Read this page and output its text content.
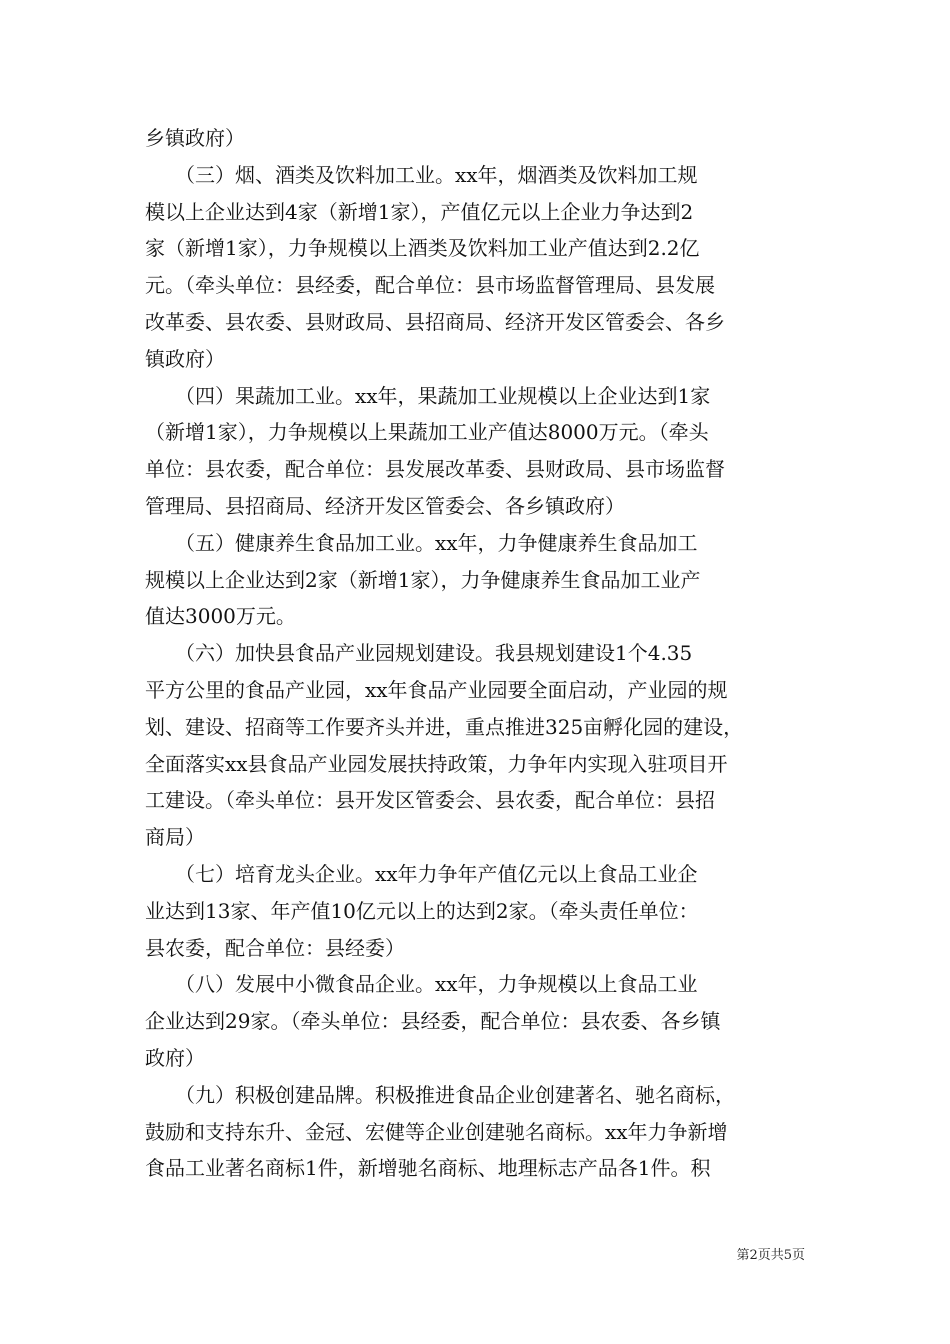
乡镇政府）
　　（三）烟、酒类及饮料加工业。xx年，烟酒类及饮料加工规
模以上企业达到4家（新增1家），产值亿元以上企业力争达到2
家（新增1家），力争规模以上酒类及饮料加工业产值达到2.2亿
元。（牵头单位：县经委，配合单位：县市场监督管理局、县发展
改革委、县农委、县财政局、县招商局、经济开发区管委会、各乡
镇政府）
　　（四）果蔬加工业。xx年，果蔬加工业规模以上企业达到1家
（新增1家），力争规模以上果蔬加工业产值达8000万元。（牵头
单位：县农委，配合单位：县发展改革委、县财政局、县市场监督
管理局、县招商局、经济开发区管委会、各乡镇政府）
　　（五）健康养生食品加工业。xx年，力争健康养生食品加工
规模以上企业达到2家（新增1家），力争健康养生食品加工业产
值达3000万元。
　　（六）加快县食品产业园规划建设。我县规划建设1个4.35
平方公里的食品产业园，xx年食品产业园要全面启动，产业园的规
划、建设、招商等工作要齐头并进，重点推进325亩孵化园的建设，
全面落实xx县食品产业园发展扶持政策，力争年内实现入驻项目开
工建设。（牵头单位：县开发区管委会、县农委，配合单位：县招
商局）
　　（七）培育龙头企业。xx年力争年产值亿元以上食品工业企
业达到13家、年产值10亿元以上的达到2家。（牵头责任单位：
县农委，配合单位：县经委）
　　（八）发展中小微食品企业。xx年，力争规模以上食品工业
企业达到29家。（牵头单位：县经委，配合单位：县农委、各乡镇
政府）
　　（九）积极创建品牌。积极推进食品企业创建著名、驰名商标，
鼓励和支持东升、金冠、宏健等企业创建驰名商标。xx年力争新增
食品工业著名商标1件，新增驰名商标、地理标志产品各1件。积
第2页共5页
